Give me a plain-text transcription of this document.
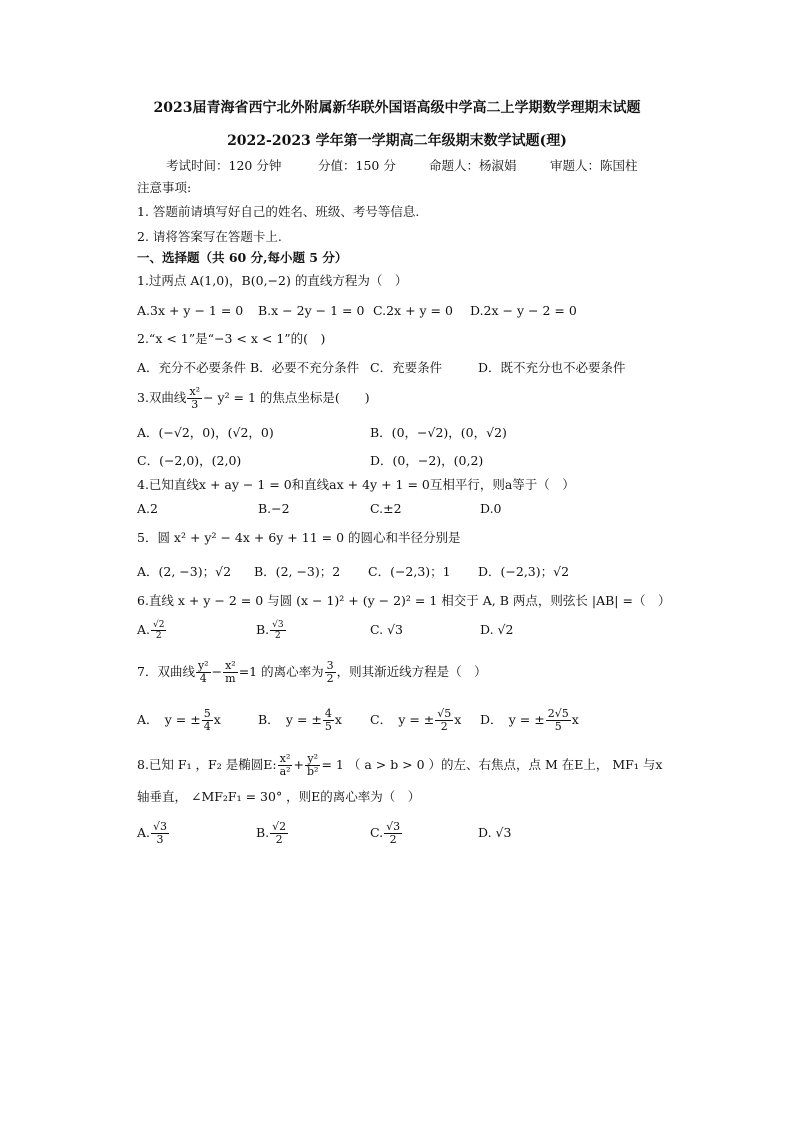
2023届青海省西宁北外附属新华联外国语高级中学高二上学期数学理期末试题
2022-2023 学年第一学期高二年级期末数学试题(理)
考试时间：120 分钟	分值：150 分	命题人：杨淑娟	审题人：陈国柱
注意事项:
1. 答题前请填写好自己的姓名、班级、考号等信息.
2. 请将答案写在答题卡上.
一、选择题（共 60 分,每小题 5 分）
1.过两点 A(1,0)，B(0,−2) 的直线方程为（　）
A.3x + y − 1 = 0 B.x − 2y − 1 = 0 C.2x + y = 0 D.2x − y − 2 = 0
2.“x < 1”是“−3 < x < 1”的(　)
A．充分不必要条件 B．必要不充分条件 C．充要条件	D．既不充分也不必要条件
3.双曲线 $\frac{\text{x²}}{3} - y^2 = 1$ 的焦点坐标是(　　)
A．(−√2，0)，(√2，0)	B．(0，−√2)，(0，√2)
C．(−2,0)，(2,0)	D．(0，−2)，(0,2)
4.已知直线x + ay − 1 = 0和直线ax + 4y + 1 = 0互相平行，则a等于（　）
A.2	B.−2	C.±2	D.0
5．圆 x² + y² − 4x + 6y + 11 = 0 的圆心和半径分别是
A．(2, −3)；√2 B．(2, −3)；2 C．(−2,3)；1 D．(−2,3)；√2
6.直线 x + y − 2 = 0 与圆 (x − 1)² + (y − 2)² = 1 相交于 A, B 两点，则弦长 |AB| =（　）
A. $\frac{√2}{2}$	B. $\frac{√3}{2}$	C. √3	D. √2
7．双曲线 $\frac{\text{y²}}{4} - \frac{\text{x²}}{m} =1$ 的离心率为 $\frac{3}{2}$ ，则其渐近线方程是（　）
A．　y = ± $\frac{5}{4}$ x	B．　y = ± $\frac{4}{5}$ x C．　y = ± $\frac{√5}{2}$ x D．　y = ± $\frac{2√5}{5}$ x
8.已知 F₁ ，F₂ 是椭圆E: $\frac{\text{x²}}{\text{a²}} + \frac{\text{y²}}{\text{b²}} = 1$ （ a > b > 0 ）的左、右焦点，点 M 在E上， MF₁ 与x
轴垂直， ∠MF₂F₁ = 30° ，则E的离心率为（　）
A. $\frac{√3}{3}$	B. $\frac{√2}{2}$	C. $\frac{√3}{2}$	D. √3
